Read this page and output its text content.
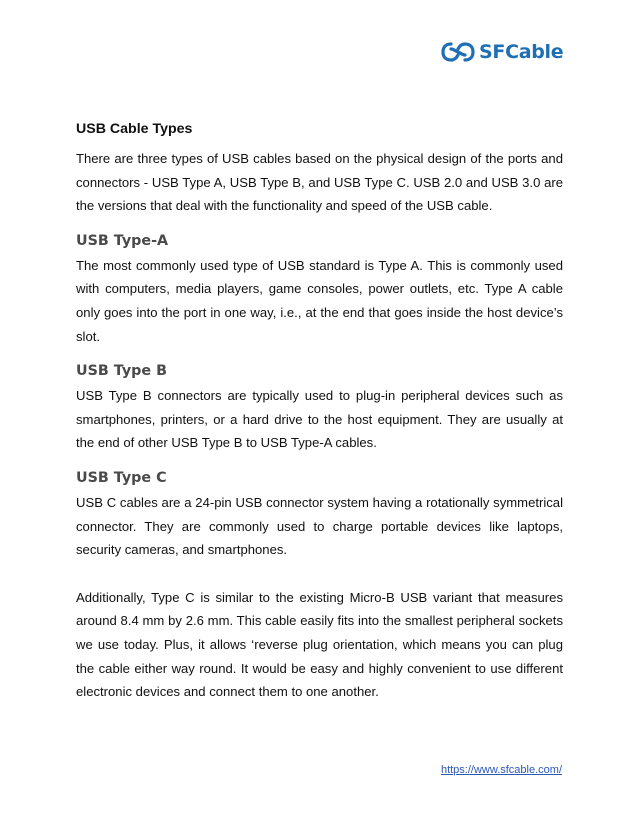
SFCable
USB Cable Types

There are three types of USB cables based on the physical design of the ports and connectors - USB Type A, USB Type B, and USB Type C. USB 2.0 and USB 3.0 are the versions that deal with the functionality and speed of the USB cable.

USB Type-A

The most commonly used type of USB standard is Type A. This is commonly used with computers, media players, game consoles, power outlets, etc. Type A cable only goes into the port in one way, i.e., at the end that goes inside the host device’s slot.

USB Type B

USB Type B connectors are typically used to plug-in peripheral devices such as smartphones, printers, or a hard drive to the host equipment. They are usually at the end of other USB Type B to USB Type-A cables.

USB Type C

USB C cables are a 24-pin USB connector system having a rotationally symmetrical connector. They are commonly used to charge portable devices like laptops, security cameras, and smartphones.

Additionally, Type C is similar to the existing Micro-B USB variant that measures around 8.4 mm by 2.6 mm. This cable easily fits into the smallest peripheral sockets we use today. Plus, it allows ‘reverse plug orientation, which means you can plug the cable either way round. It would be easy and highly convenient to use different electronic devices and connect them to one another.

https://www.sfcable.com/
